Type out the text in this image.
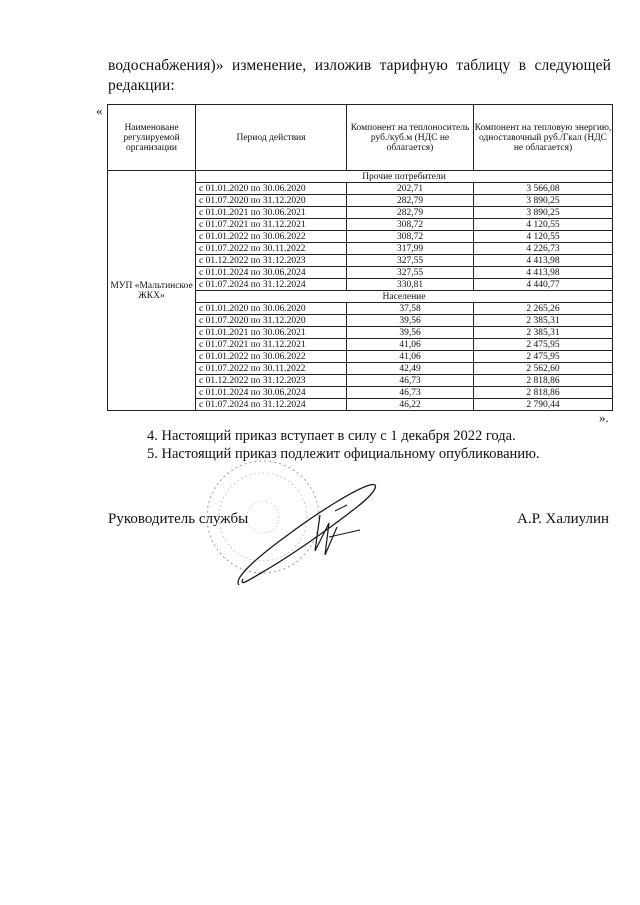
водоснабжения)» изменение, изложив тарифную таблицу в следующей редакции:
«
Наименоване регулируемой организации	Период действия	Компонент на теплоноситель руб./куб.м (НДС не облагается)	Компонент на тепловую энергию, одноставочный руб./Гкал (НДС не облагается)
МУП «Мальтинское ЖКХ»	Прочие потребители		
	с 01.01.2020 по 30.06.2020	202,71	3 566,08
	с 01.07.2020 по 31.12.2020	282,79	3 890,25
	с 01.01.2021 по 30.06.2021	282,79	3 890,25
	с 01.07.2021 по 31.12.2021	308,72	4 120,55
	с 01.01.2022 по 30.06.2022	308,72	4 120,55
	с 01.07.2022 по 30.11.2022	317,99	4 226,73
	с 01.12.2022 по 31.12.2023	327,55	4 413,98
	с 01.01.2024 по 30.06.2024	327,55	4 413,98
	с 01.07.2024 по 31.12.2024	330,81	4 440,77
	Население		
	с 01.01.2020 по 30.06.2020	37,58	2 265,26
	с 01.07.2020 по 31.12.2020	39,56	2 385,31
	с 01.01.2021 по 30.06.2021	39,56	2 385,31
	с 01.07.2021 по 31.12.2021	41,06	2 475,95
	с 01.01.2022 по 30.06.2022	41,06	2 475,95
	с 01.07.2022 по 30.11.2022	42,49	2 562,60
	с 01.12.2022 по 31.12.2023	46,73	2 818,86
	с 01.01.2024 по 30.06.2024	46,73	2 818,86
	с 01.07.2024 по 31.12.2024	46,22	2 790,44
».
4. Настоящий приказ вступает в силу с 1 декабря 2022 года.
5. Настоящий приказ подлежит официальному опубликованию.
Руководитель службы	А.Р. Халиулин
